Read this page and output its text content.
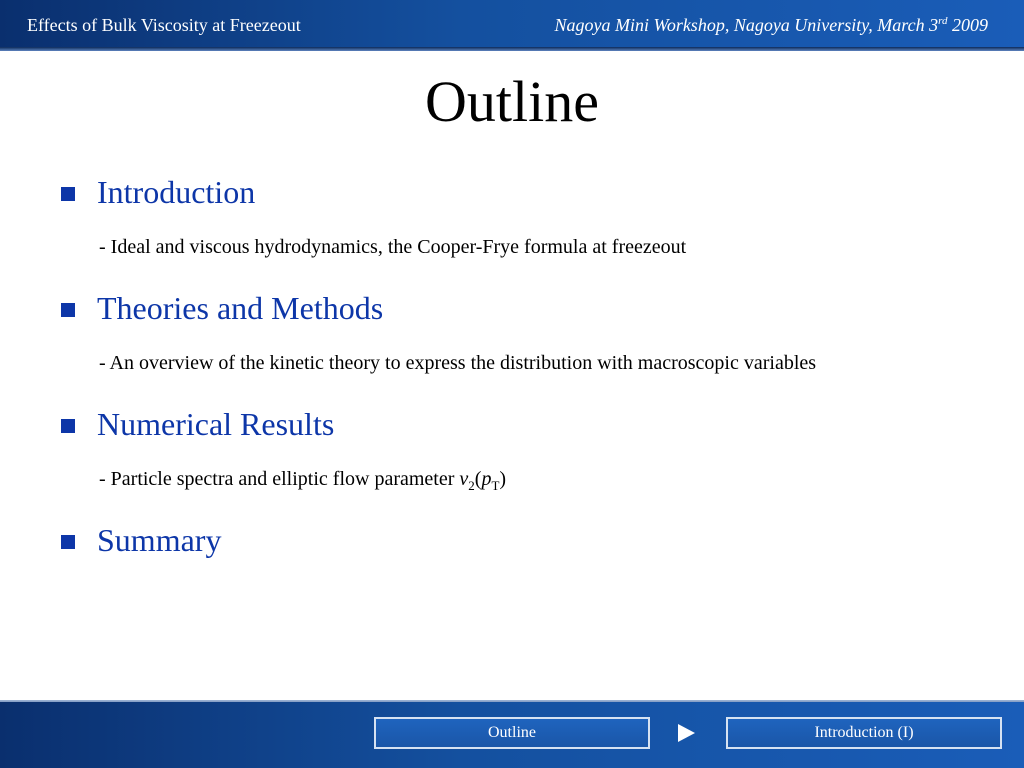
Effects of Bulk Viscosity at Freezeout	Nagoya Mini Workshop, Nagoya University, March 3rd 2009
Outline
Introduction
- Ideal and viscous hydrodynamics, the Cooper-Frye formula at freezeout
Theories and Methods
- An overview of the kinetic theory to express the distribution with macroscopic variables
Numerical Results
- Particle spectra and elliptic flow parameter $v_2(p_T)$
Summary
Outline	Introduction (I)
